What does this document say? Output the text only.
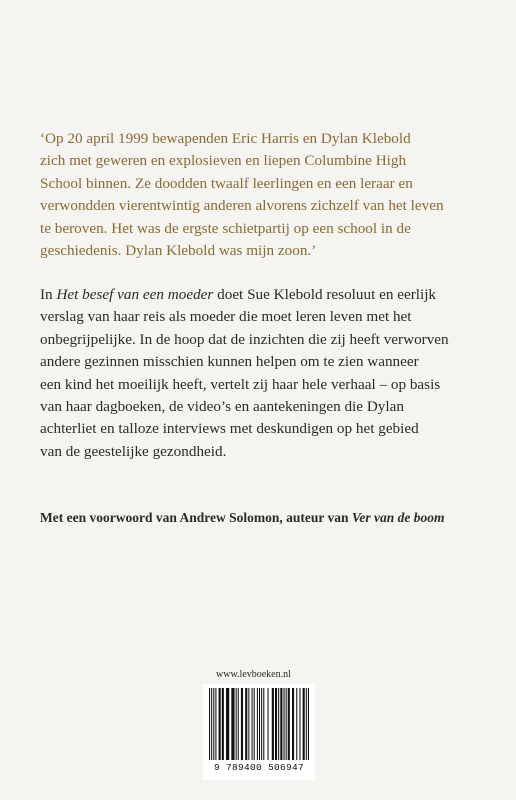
‘Op 20 april 1999 bewapenden Eric Harris en Dylan Klebold
zich met geweren en explosieven en liepen Columbine High
School binnen. Ze doodden twaalf leerlingen en een leraar en
verwondden vierentwintig anderen alvorens zichzelf van het leven
te beroven. Het was de ergste schietpartij op een school in de
geschiedenis. Dylan Klebold was mijn zoon.’
In Het besef van een moeder doet Sue Klebold resoluut en eerlijk
verslag van haar reis als moeder die moet leren leven met het
onbegrijpelijke. In de hoop dat de inzichten die zij heeft verworven
andere gezinnen misschien kunnen helpen om te zien wanneer
een kind het moeilijk heeft, vertelt zij haar hele verhaal – op basis
van haar dagboeken, de video’s en aantekeningen die Dylan
achterliet en talloze interviews met deskundigen op het gebied
van de geestelijke gezondheid.
Met een voorwoord van Andrew Solomon, auteur van Ver van de boom
www.levboeken.nl
9 789400 506947
